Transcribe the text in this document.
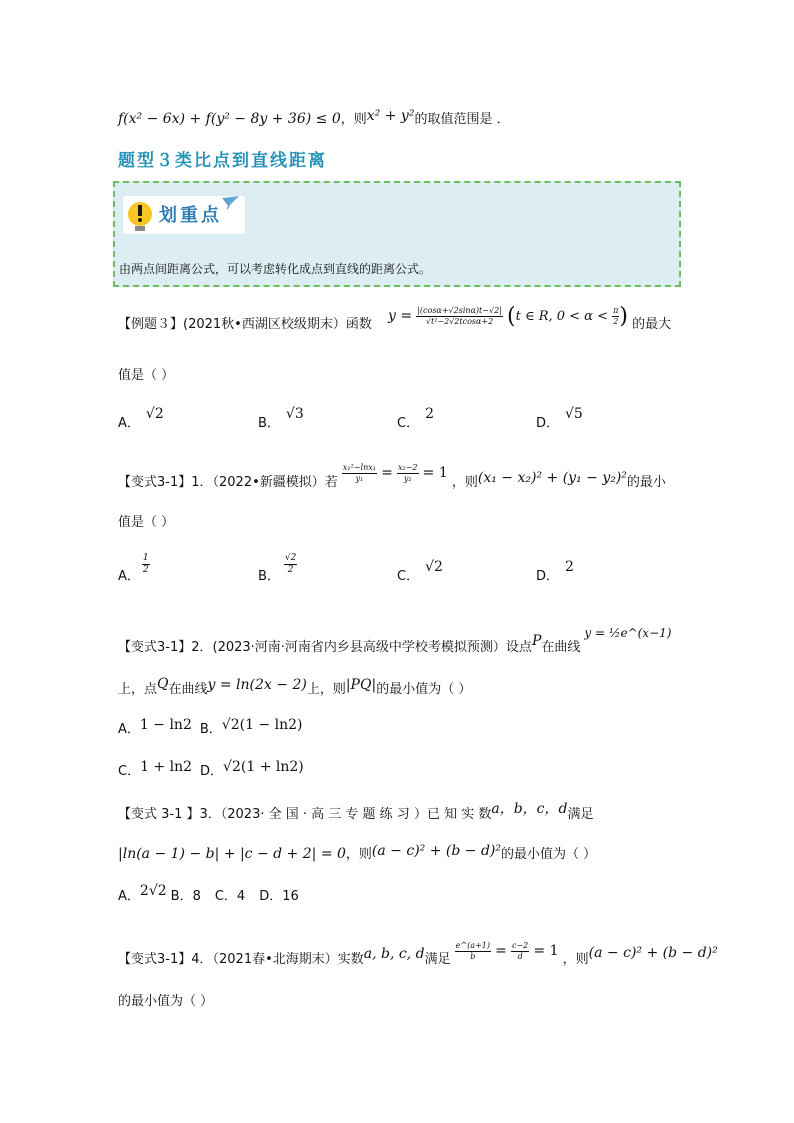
f(x² − 6x) + f(y² − 8y + 36) ≤ 0，则x² + y²的取值范围是 ．
题型３类比点到直线距离
划重点
由两点间距离公式，可以考虑转化成点到直线的距离公式。
【例题３】(2021秋•西湖区校级期末）函数 $y = \frac{|(\cos\alpha+√2\sin\alpha)t-√2|}{\text{√t²−2√2tcosα+2}} (t$ ∈ R, $0 < \alpha < \frac{\pi}{2}$ ) 的最大
值是（ ）
A．√2
B．√3
C．2
D．√5
【变式3-1】1．（2022•新疆模拟）若 $\frac{\text{x₁²−lnx₁}}{\text{y₁}} = \frac{\text{x₂−2}}{\text{y₂}} = 1$ ，则(x₁ − x₂)² + (y₁ − y₂)²的最小
值是（ ）
A．
$\frac{1}{2}$
B．
$\frac{√2}{2}$
C．√2
D．2
【变式3-1】2．(2023·河南·河南省内乡县高级中学校考模拟预测）设点P在曲线y = ½e^(x−1)
上，点Q在曲线y = ln(2x − 2)上，则|PQ|的最小值为（ ）
A．1 − ln2 B．√2(1 − ln2)
C．1 + ln2 D．√2(1 + ln2)
【变式 3-1 】3．（2023· 全 国 · 高 三 专 题 练 习 ）已 知 实 数a，b，c，d满足
|ln(a − 1) − b| + |c − d + 2| = 0，则(a − c)² + (b − d)²的最小值为（ ）
A．2√2 B．8 C．4 D．16
【变式3-1】4．（2021春•北海期末）实数a, b, c, d满足 $\frac{e\^{}(a+1)}{b} = \frac{c-2}{d} = 1$ ，则(a − c)² + (b − d)²
的最小值为（ ）
